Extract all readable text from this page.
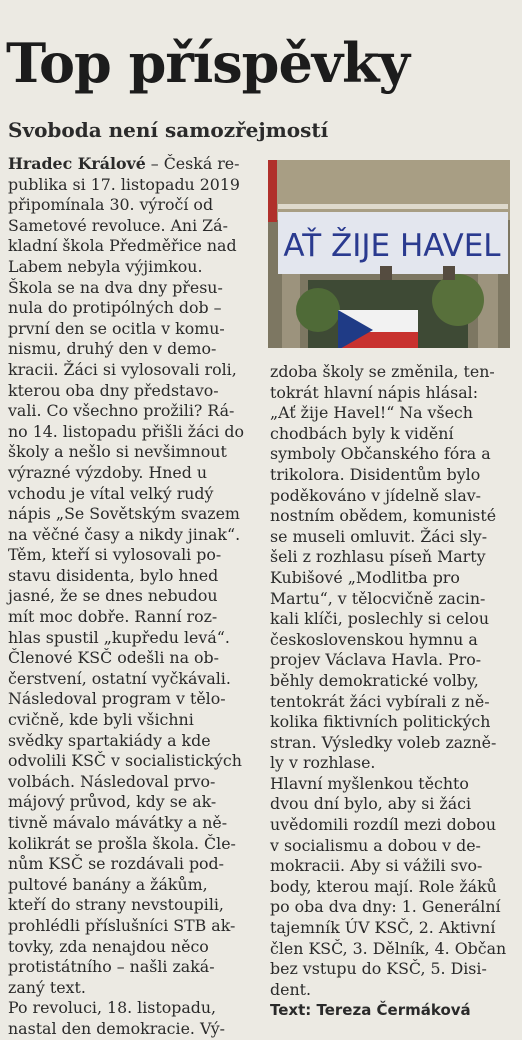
Top příspěvky
Svoboda není samozřejmostí
Hradec Králové – Česká re-
publika si 17. listopadu 2019
připomínala 30. výročí od
Sametové revoluce. Ani Zá-
kladní škola Předměřice nad
Labem nebyla výjimkou.
Škola se na dva dny přesu-
nula do protipólných dob –
první den se ocitla v komu-
nismu, druhý den v demo-
kracii. Žáci si vylosovali roli,
kterou oba dny představo-
vali. Co všechno prožili? Rá-
no 14. listopadu přišli žáci do
školy a nešlo si nevšimnout
výrazné výzdoby. Hned u
vchodu je vítal velký rudý
nápis „Se Sovětským svazem
na věčné časy a nikdy jinak“.
Těm, kteří si vylosovali po-
stavu disidenta, bylo hned
jasné, že se dnes nebudou
mít moc dobře. Ranní roz-
hlas spustil „kupředu levá“.
Členové KSČ odešli na ob-
čerstvení, ostatní vyčkávali.
Následoval program v tělo-
cvičně, kde byli všichni
svědky spartakiády a kde
odvolili KSČ v socialistických
volbách. Následoval prvo-
májový průvod, kdy se ak-
tivně mávalo mávátky a ně-
kolikrát se prošla škola. Čle-
nům KSČ se rozdávali pod-
pultové banány a žákům,
kteří do strany nevstoupili,
prohlédli příslušníci STB ak-
tovky, zda nenajdou něco
protistátního – našli zaká-
zaný text.
Po revoluci, 18. listopadu,
nastal den demokracie. Vý-
AŤ ŽIJE HAVEL
zdoba školy se změnila, ten-
tokrát hlavní nápis hlásal:
„Ať žije Havel!“ Na všech
chodbách byly k vidění
symboly Občanského fóra a
trikolora. Disidentům bylo
poděkováno v jídelně slav-
nostním obědem, komunisté
se museli omluvit. Žáci sly-
šeli z rozhlasu píseň Marty
Kubišové „Modlitba pro
Martu“, v tělocvičně zacin-
kali klíči, poslechly si celou
československou hymnu a
projev Václava Havla. Pro-
běhly demokratické volby,
tentokrát žáci vybírali z ně-
kolika fiktivních politických
stran. Výsledky voleb zazně-
ly v rozhlase.
Hlavní myšlenkou těchto
dvou dní bylo, aby si žáci
uvědomili rozdíl mezi dobou
v socialismu a dobou v de-
mokracii. Aby si vážili svo-
body, kterou mají. Role žáků
po oba dva dny: 1. Generální
tajemník ÚV KSČ, 2. Aktivní
člen KSČ, 3. Dělník, 4. Občan
bez vstupu do KSČ, 5. Disi-
dent.
Text: Tereza Čermáková
